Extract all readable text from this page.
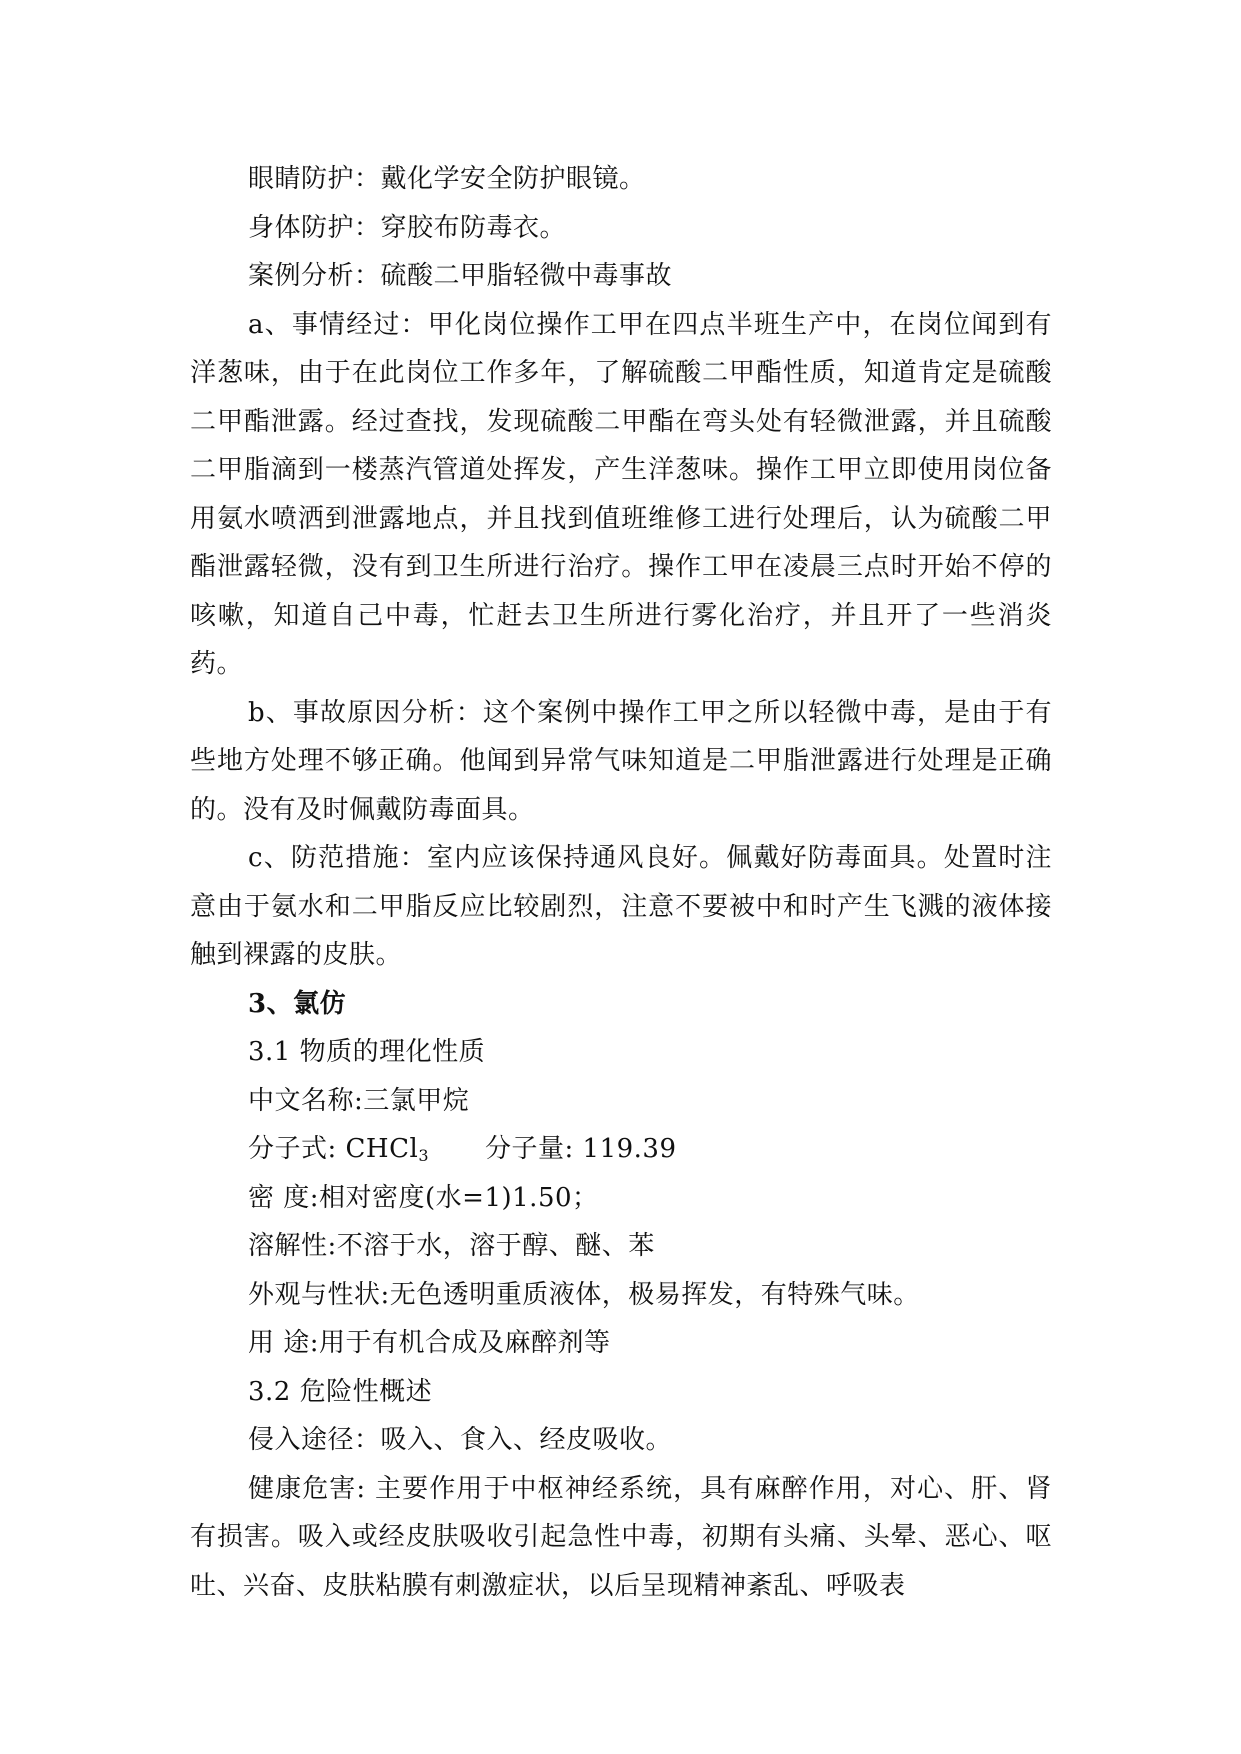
眼睛防护：戴化学安全防护眼镜。

身体防护：穿胶布防毒衣。

案例分析：硫酸二甲脂轻微中毒事故

a、事情经过：甲化岗位操作工甲在四点半班生产中，在岗位闻到有洋葱味，由于在此岗位工作多年，了解硫酸二甲酯性质，知道肯定是硫酸二甲酯泄露。经过查找，发现硫酸二甲酯在弯头处有轻微泄露，并且硫酸二甲脂滴到一楼蒸汽管道处挥发，产生洋葱味。操作工甲立即使用岗位备用氨水喷洒到泄露地点，并且找到值班维修工进行处理后，认为硫酸二甲酯泄露轻微，没有到卫生所进行治疗。操作工甲在凌晨三点时开始不停的咳嗽，知道自己中毒，忙赶去卫生所进行雾化治疗，并且开了一些消炎药。

b、事故原因分析：这个案例中操作工甲之所以轻微中毒，是由于有些地方处理不够正确。他闻到异常气味知道是二甲脂泄露进行处理是正确的。没有及时佩戴防毒面具。

c、防范措施：室内应该保持通风良好。佩戴好防毒面具。处置时注意由于氨水和二甲脂反应比较剧烈，注意不要被中和时产生飞溅的液体接触到裸露的皮肤。

3、氯仿

3.1 物质的理化性质

中文名称:三氯甲烷

分子式: CHCl$_3$ 分子量: 119.39

密 度:相对密度(水=1)1.50；

溶解性:不溶于水，溶于醇、醚、苯

外观与性状:无色透明重质液体，极易挥发，有特殊气味。

用 途:用于有机合成及麻醉剂等

3.2 危险性概述

侵入途径：吸入、食入、经皮吸收。

健康危害: 主要作用于中枢神经系统，具有麻醉作用，对心、肝、肾有损害。吸入或经皮肤吸收引起急性中毒，初期有头痛、头晕、恶心、呕吐、兴奋、皮肤粘膜有刺激症状，以后呈现精神紊乱、呼吸表
